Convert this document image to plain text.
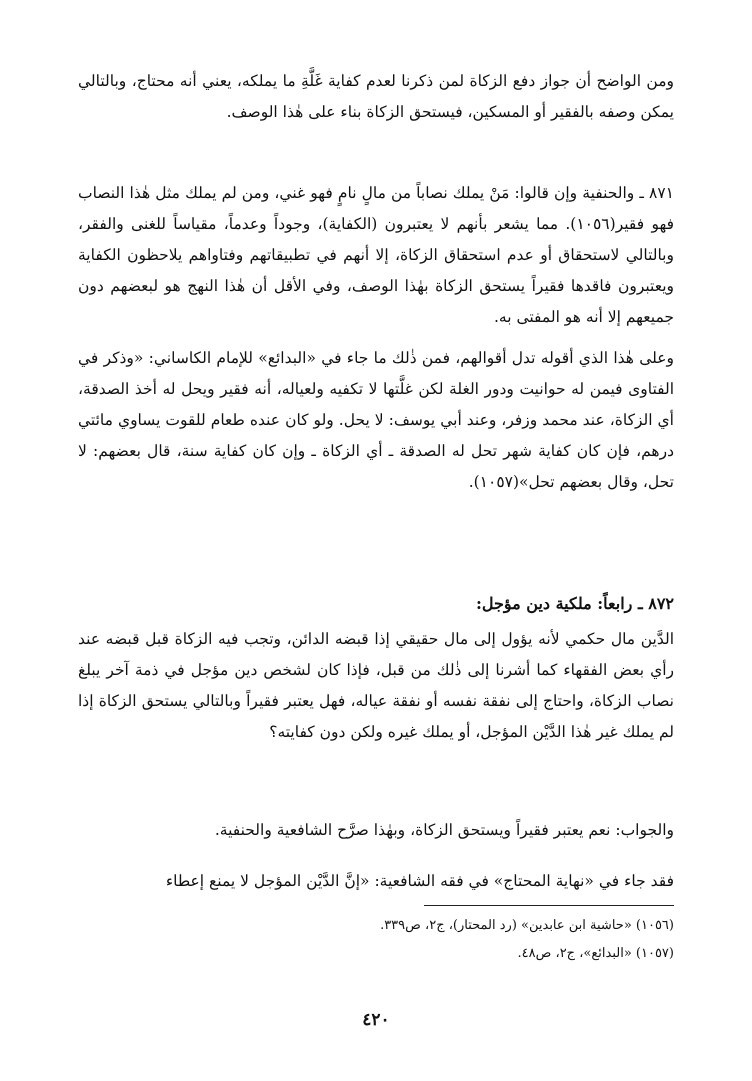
ومن الواضح أن جواز دفع الزكاة لمن ذكرنا لعدم كفاية غَلَّةِ ما يملكه، يعني أنه محتاج، وبالتالي يمكن وصفه بالفقير أو المسكين، فيستحق الزكاة بناء على هٰذا الوصف.

٨٧١ ـ والحنفية وإن قالوا: مَنْ يملك نصاباً من مالٍ نامٍ فهو غني، ومن لم يملك مثل هٰذا النصاب فهو فقير(١٠٥٦). مما يشعر بأنهم لا يعتبرون (الكفاية)، وجوداً وعدماً، مقياساً للغنى والفقر، وبالتالي لاستحقاق أو عدم استحقاق الزكاة، إلا أنهم في تطبيقاتهم وفتاواهم يلاحظون الكفاية ويعتبرون فاقدها فقيراً يستحق الزكاة بهٰذا الوصف، وفي الأقل أن هٰذا النهج هو لبعضهم دون جميعهم إلا أنه هو المفتى به.

وعلى هٰذا الذي أقوله تدل أقوالهم، فمن ذٰلك ما جاء في «البدائع» للإمام الكاساني: «وذكر في الفتاوى فيمن له حوانيت ودور الغلة لكن غلَّتها لا تكفيه ولعياله، أنه فقير ويحل له أخذ الصدقة، أي الزكاة، عند محمد وزفر، وعند أبي يوسف: لا يحل. ولو كان عنده طعام للقوت يساوي مائتي درهم، فإن كان كفاية شهر تحل له الصدقة ـ أي الزكاة ـ وإن كان كفاية سنة، قال بعضهم: لا تحل، وقال بعضهم تحل»(١٠٥٧).

٨٧٢ ـ رابعاً: ملكية دين مؤجل:

الدَّين مال حكمي لأنه يؤول إلى مال حقيقي إذا قبضه الدائن، وتجب فيه الزكاة قبل قبضه عند رأي بعض الفقهاء كما أشرنا إلى ذٰلك من قبل، فإذا كان لشخص دين مؤجل في ذمة آخر يبلغ نصاب الزكاة، واحتاج إلى نفقة نفسه أو نفقة عياله، فهل يعتبر فقيراً وبالتالي يستحق الزكاة إذا لم يملك غير هٰذا الدَّيْن المؤجل، أو يملك غيره ولكن دون كفايته؟

والجواب: نعم يعتبر فقيراً ويستحق الزكاة، وبهٰذا صرَّح الشافعية والحنفية.

فقد جاء في «نهاية المحتاج» في فقه الشافعية: «إنَّ الدَّيْن المؤجل لا يمنع إعطاء

(١٠٥٦) «حاشية ابن عابدين» (رد المحتار)، ج٢، ص٣٣٩.
(١٠٥٧) «البدائع»، ج٢، ص٤٨.
٤٢٠
